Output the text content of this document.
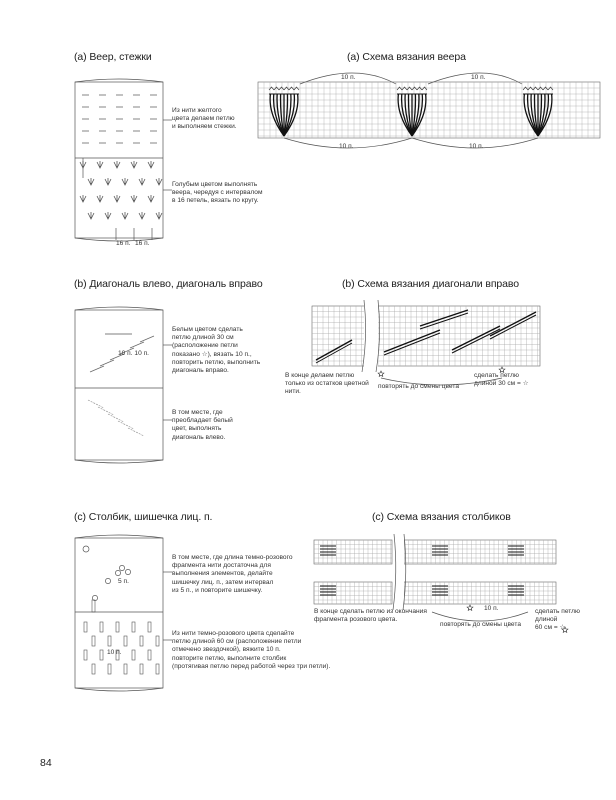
(a) Веер, стежки	(a) Схема вязания веера
Из нити желтого
цвета делаем петлю
и выполняем стежки.
Голубым цветом выполнять
веера, чередуя с интервалом
в 16 петель, вязать по кругу.
16 п. 16 п.
10 п.	10 п.
10 п.	10 п.
(b) Диагональ влево, диагональ вправо	(b) Схема вязания диагонали вправо
Белым цветом сделать
петлю длиной 30 см
(расположение петли
показано ☆), вязать 10 п.,
повторить петлю, выполнить
диагональ вправо.
В том месте, где
преобладает белый
цвет, выполнять
диагональ влево.
10 п. 10 п.
В конце делаем петлю
только из остатков цветной
нити.
повторять до смены цвета
сделать петлю
длиной 30 см = ☆
(c) Столбик, шишечка лиц. п.	(c) Схема вязания столбиков
В том месте, где длина темно-розового
фрагмента нити достаточна для
выполнения элементов, делайте
шишечку лиц. п., затем интервал
из 5 п., и повторите шишечку.
Из нити темно-розового цвета сделайте
петлю длиной 60 см (расположение петли
отмечено звездочкой), вяжите 10 п.
повторите петлю, выполните столбик
(протягивая петлю перед работой через три петли).
5 п.
10 п.
В конце сделать петлю из окончания
фрагмента розового цвета.
10 п.
повторять до смены цвета
сделать петлю
длиной
60 см = ☆
84
